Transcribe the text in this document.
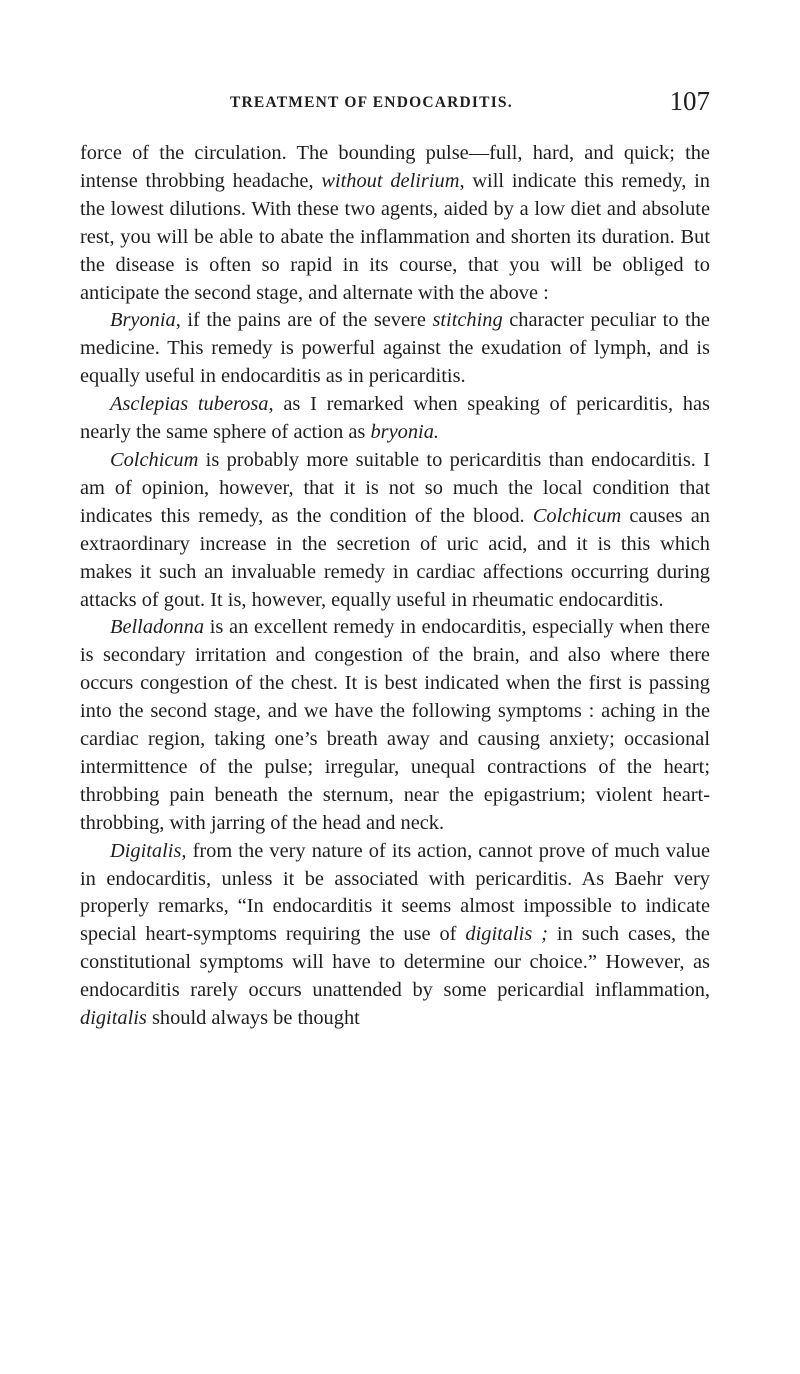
TREATMENT OF ENDOCARDITIS.	107

force of the circulation. The bounding pulse—full, hard, and quick; the intense throbbing headache, without delirium, will indicate this remedy, in the lowest dilutions. With these two agents, aided by a low diet and absolute rest, you will be able to abate the inflammation and shorten its duration. But the disease is often so rapid in its course, that you will be obliged to anticipate the second stage, and alternate with the above :

Bryonia, if the pains are of the severe stitching character peculiar to the medicine. This remedy is powerful against the exudation of lymph, and is equally useful in endocarditis as in pericarditis.

Asclepias tuberosa, as I remarked when speaking of pericarditis, has nearly the same sphere of action as bryonia.

Colchicum is probably more suitable to pericarditis than endocarditis. I am of opinion, however, that it is not so much the local condition that indicates this remedy, as the condition of the blood. Colchicum causes an extraordinary increase in the secretion of uric acid, and it is this which makes it such an invaluable remedy in cardiac affections occurring during attacks of gout. It is, however, equally useful in rheumatic endocarditis.

Belladonna is an excellent remedy in endocarditis, especially when there is secondary irritation and congestion of the brain, and also where there occurs congestion of the chest. It is best indicated when the first is passing into the second stage, and we have the following symptoms : aching in the cardiac region, taking one’s breath away and causing anxiety; occasional intermittence of the pulse; irregular, unequal contractions of the heart; throbbing pain beneath the sternum, near the epigastrium; violent heart-throbbing, with jarring of the head and neck.

Digitalis, from the very nature of its action, cannot prove of much value in endocarditis, unless it be associated with pericarditis. As Baehr very properly remarks, “In endocarditis it seems almost impossible to indicate special heart-symptoms requiring the use of digitalis ; in such cases, the constitutional symptoms will have to determine our choice.” However, as endocarditis rarely occurs unattended by some pericardial inflammation, digitalis should always be thought
